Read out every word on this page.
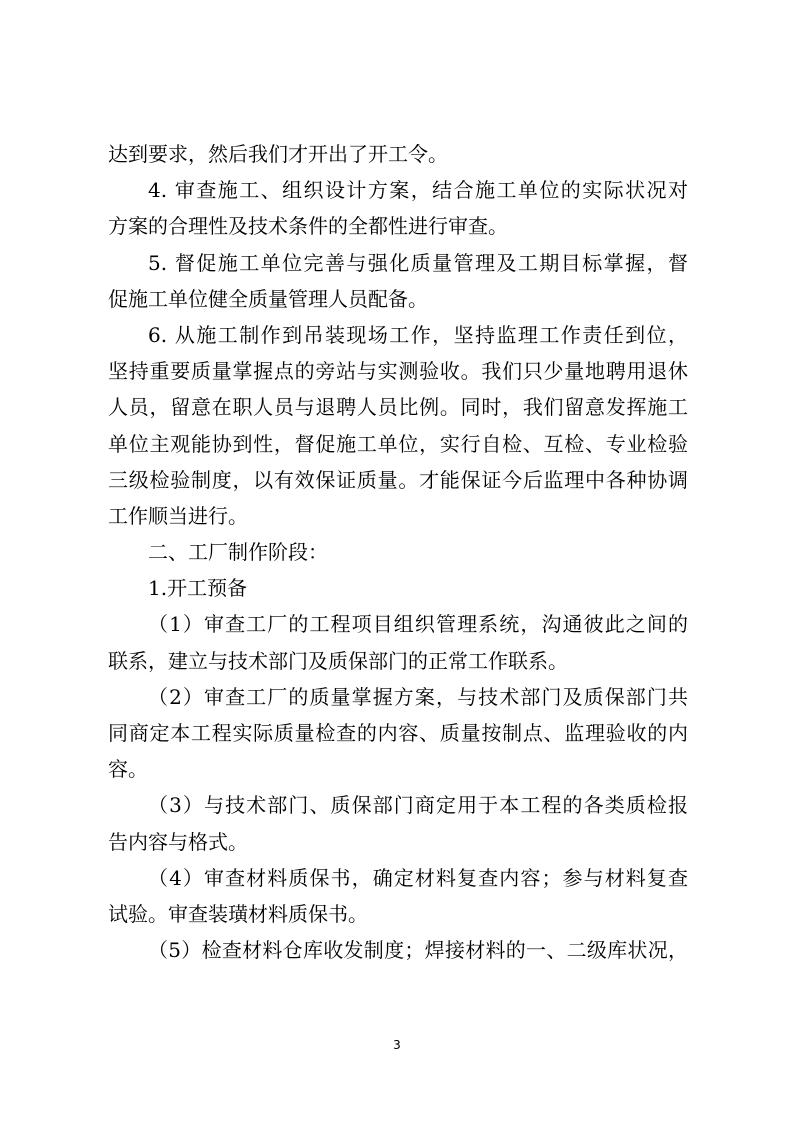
达到要求，然后我们才开出了开工令。
4. 审查施工、组织设计方案，结合施工单位的实际状况对
方案的合理性及技术条件的全都性进行审查。
5. 督促施工单位完善与强化质量管理及工期目标掌握，督
促施工单位健全质量管理人员配备。
6. 从施工制作到吊装现场工作，坚持监理工作责任到位，
坚持重要质量掌握点的旁站与实测验收。我们只少量地聘用退休
人员，留意在职人员与退聘人员比例。同时，我们留意发挥施工
单位主观能协到性，督促施工单位，实行自检、互检、专业检验
三级检验制度，以有效保证质量。才能保证今后监理中各种协调
工作顺当进行。
二、工厂制作阶段：
1.开工预备
（1）审查工厂的工程项目组织管理系统，沟通彼此之间的
联系，建立与技术部门及质保部门的正常工作联系。
（2）审查工厂的质量掌握方案，与技术部门及质保部门共
同商定本工程实际质量检查的内容、质量按制点、监理验收的内
容。
（3）与技术部门、质保部门商定用于本工程的各类质检报
告内容与格式。
（4）审查材料质保书，确定材料复查内容；参与材料复查
试验。审查装璜材料质保书。
（5）检查材料仓库收发制度；焊接材料的一、二级库状况，
3
